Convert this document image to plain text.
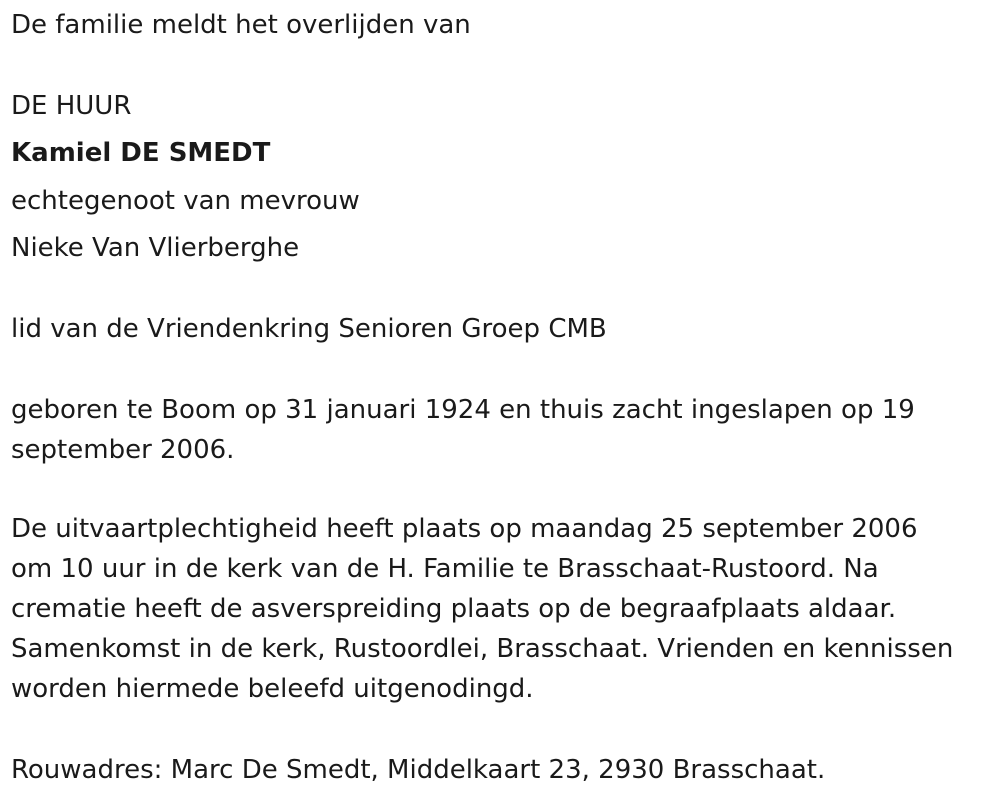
De familie meldt het overlijden van
DE HUUR
Kamiel DE SMEDT
echtegenoot van mevrouw
Nieke Van Vlierberghe
lid van de Vriendenkring Senioren Groep CMB
geboren te Boom op 31 januari 1924 en thuis zacht ingeslapen op 19
september 2006.
De uitvaartplechtigheid heeft plaats op maandag 25 september 2006
om 10 uur in de kerk van de H. Familie te Brasschaat-Rustoord. Na
crematie heeft de asverspreiding plaats op de begraafplaats aldaar.
Samenkomst in de kerk, Rustoordlei, Brasschaat. Vrienden en kennissen
worden hiermede beleefd uitgenodingd.
Rouwadres: Marc De Smedt, Middelkaart 23, 2930 Brasschaat.
